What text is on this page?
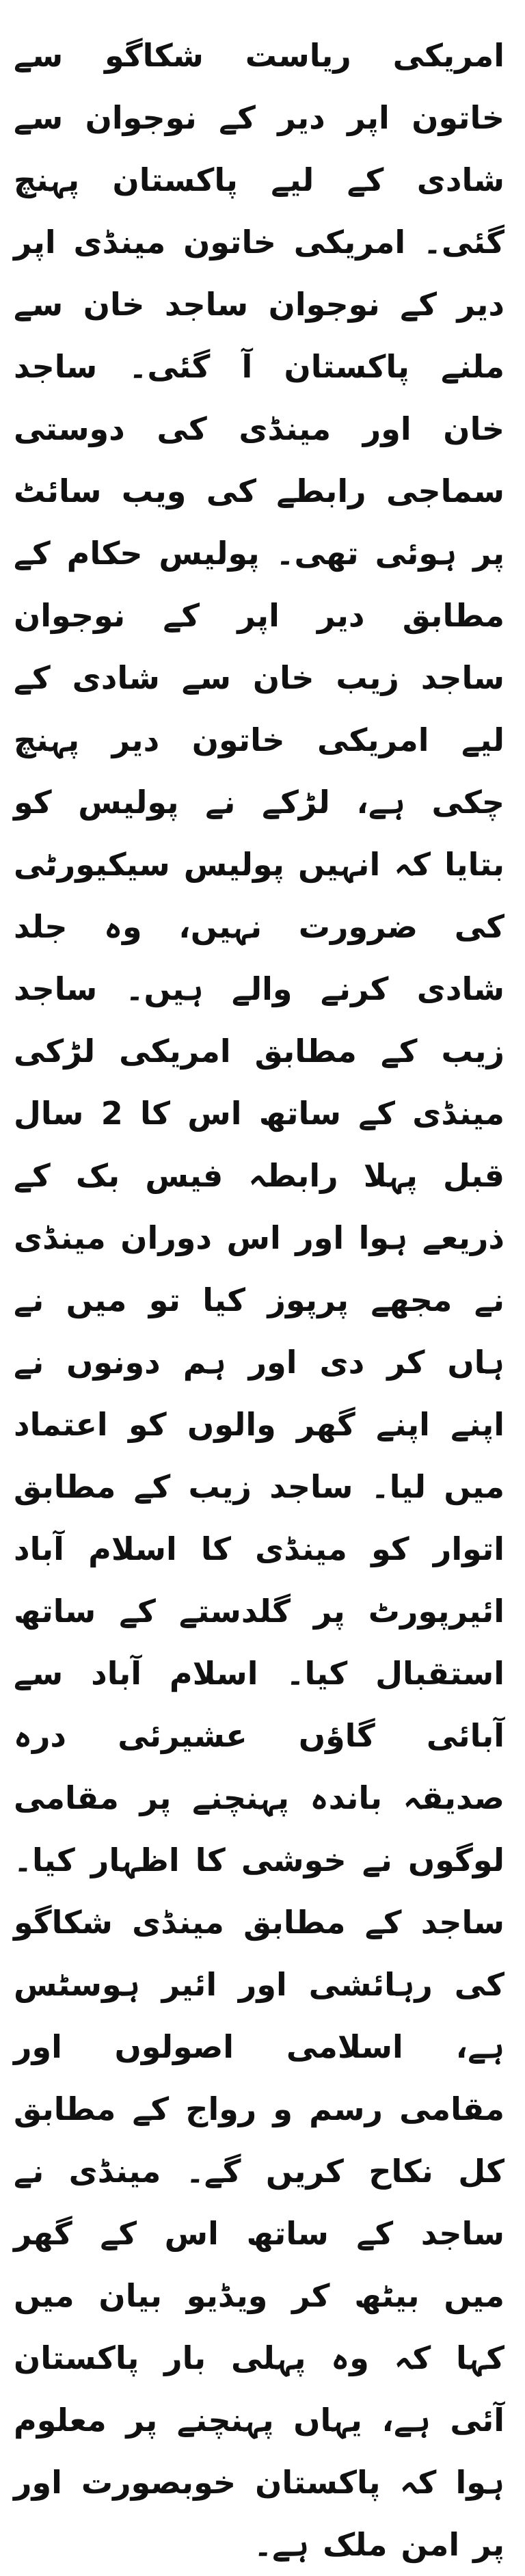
امریکی ریاست شکاگو سے خاتون اپر دیر کے نوجوان سے شادی کے لیے پاکستان پہنچ گئی۔ امریکی خاتون مینڈی اپر دیر کے نوجوان ساجد خان سے ملنے پاکستان آ گئی۔ ساجد خان اور مینڈی کی دوستی سماجی رابطے کی ویب سائٹ پر ہوئی تھی۔ پولیس حکام کے مطابق دیر اپر کے نوجوان ساجد زیب خان سے شادی کے لیے امریکی خاتون دیر پہنچ چکی ہے، لڑکے نے پولیس کو بتایا کہ انہیں پولیس سیکیورٹی کی ضرورت نہیں، وہ جلد شادی کرنے والے ہیں۔ ساجد زیب کے مطابق امریکی لڑکی مینڈی کے ساتھ اس کا 2 سال قبل پہلا رابطہ فیس بک کے ذریعے ہوا اور اس دوران مینڈی نے مجھے پرپوز کیا تو میں نے ہاں کر دی اور ہم دونوں نے اپنے اپنے گھر والوں کو اعتماد میں لیا۔ ساجد زیب کے مطابق اتوار کو مینڈی کا اسلام آباد ائیرپورٹ پر گلدستے کے ساتھ استقبال کیا۔ اسلام آباد سے آبائی گاؤں عشیرئی درہ صدیقہ باندہ پہنچنے پر مقامی لوگوں نے خوشی کا اظہار کیا۔ ساجد کے مطابق مینڈی شکاگو کی رہائشی اور ائیر ہوسٹس ہے، اسلامی اصولوں اور مقامی رسم و رواج کے مطابق کل نکاح کریں گے۔ مینڈی نے ساجد کے ساتھ اس کے گھر میں بیٹھ کر ویڈیو بیان میں کہا کہ وہ پہلی بار پاکستان آئی ہے، یہاں پہنچنے پر معلوم ہوا کہ پاکستان خوبصورت اور پر امن ملک ہے۔
